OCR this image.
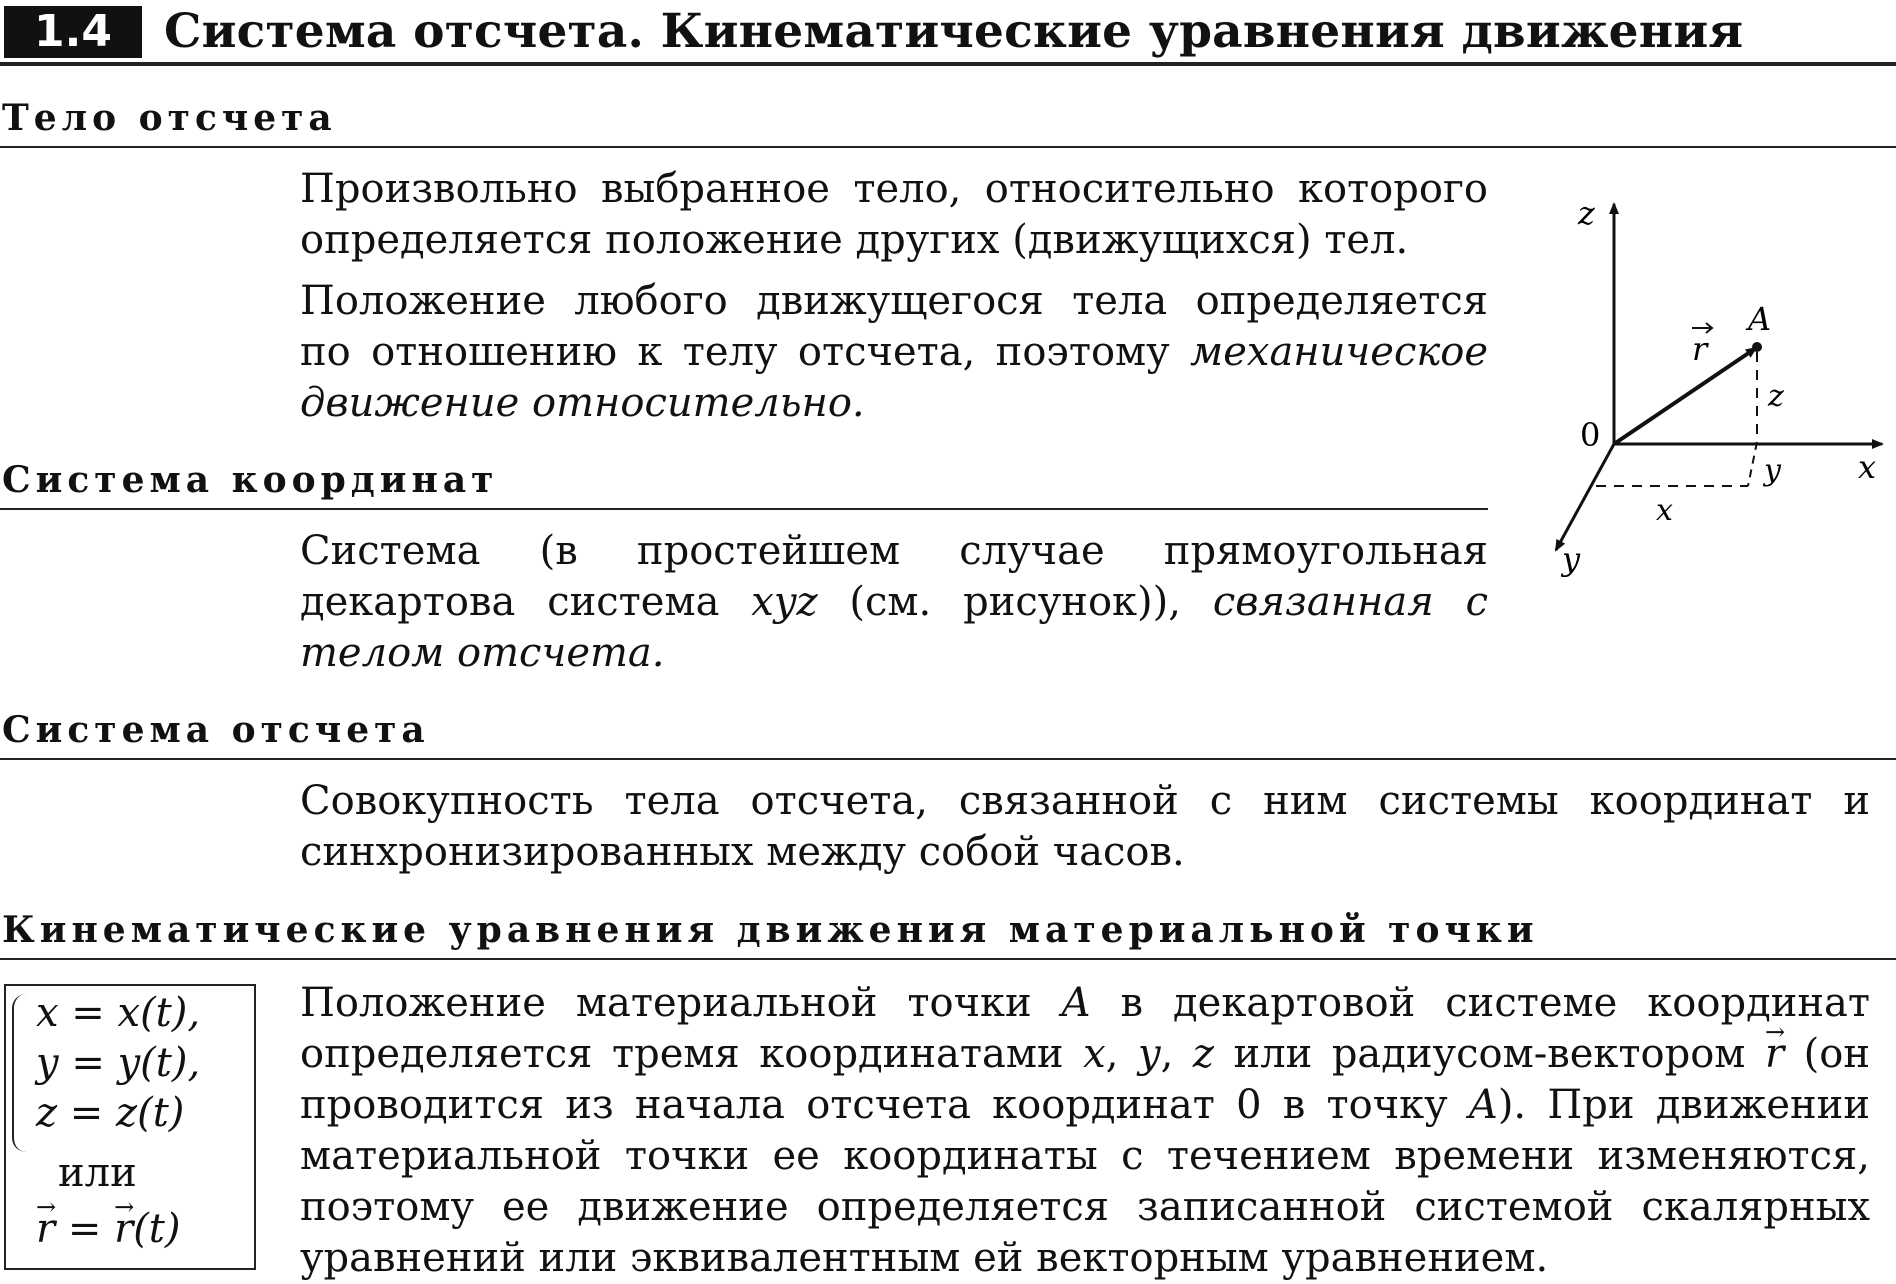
1.4	Система отсчета. Кинематические уравнения движения
Тело отсчета

Произвольно выбранное тело, относительно которого определяется положение других (движущихся) тел.

Положение любого движущегося тела определяется по отношению к телу отсчета, поэтому механическое движение относительно.

Система координат

Система (в простейшем случае прямоугольная декартова система xyz (см. рисунок)), связанная с телом отсчета.

Система отсчета

Совокупность тела отсчета, связанной с ним системы координат и синхронизированных между собой часов.

Кинематические уравнения движения материальной точки
x = x(t),
y = y(t),
z = z(t)
или
→ r = → r(t)

Положение материальной точки A в декартовой системе координат определяется тремя координатами x, y, z или радиусом-вектором → r (он проводится из начала отсчета координат 0 в точку A). При движении материальной точки ее координаты с течением времени изменяются, поэтому ее движение определяется записанной системой скалярных уравнений или эквивалентным ей векторным уравнением.

z
x
y
0
A
r
z
y
x
